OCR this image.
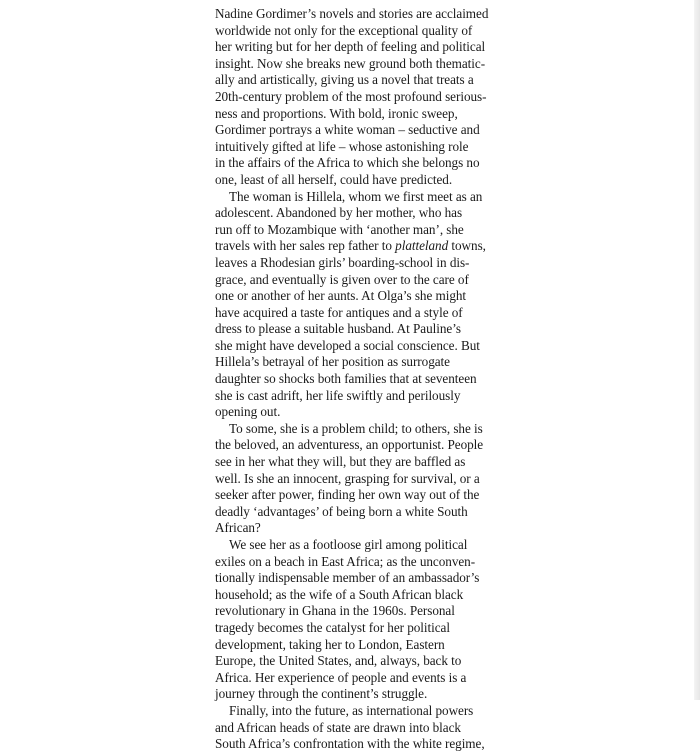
Nadine Gordimer’s novels and stories are acclaimed
worldwide not only for the exceptional quality of
her writing but for her depth of feeling and political
insight. Now she breaks new ground both thematic-
ally and artistically, giving us a novel that treats a
20th-century problem of the most profound serious-
ness and proportions. With bold, ironic sweep,
Gordimer portrays a white woman – seductive and
intuitively gifted at life – whose astonishing role
in the affairs of the Africa to which she belongs no
one, least of all herself, could have predicted.

The woman is Hillela, whom we first meet as an
adolescent. Abandoned by her mother, who has
run off to Mozambique with ‘another man’, she
travels with her sales rep father to platteland towns,
leaves a Rhodesian girls’ boarding-school in dis-
grace, and eventually is given over to the care of
one or another of her aunts. At Olga’s she might
have acquired a taste for antiques and a style of
dress to please a suitable husband. At Pauline’s
she might have developed a social conscience. But
Hillela’s betrayal of her position as surrogate
daughter so shocks both families that at seventeen
she is cast adrift, her life swiftly and perilously
opening out.

To some, she is a problem child; to others, she is
the beloved, an adventuress, an opportunist. People
see in her what they will, but they are baffled as
well. Is she an innocent, grasping for survival, or a
seeker after power, finding her own way out of the
deadly ‘advantages’ of being born a white South
African?

We see her as a footloose girl among political
exiles on a beach in East Africa; as the unconven-
tionally indispensable member of an ambassador’s
household; as the wife of a South African black
revolutionary in Ghana in the 1960s. Personal
tragedy becomes the catalyst for her political
development, taking her to London, Eastern
Europe, the United States, and, always, back to
Africa. Her experience of people and events is a
journey through the continent’s struggle.

Finally, into the future, as international powers
and African heads of state are drawn into black
South Africa’s confrontation with the white regime,
